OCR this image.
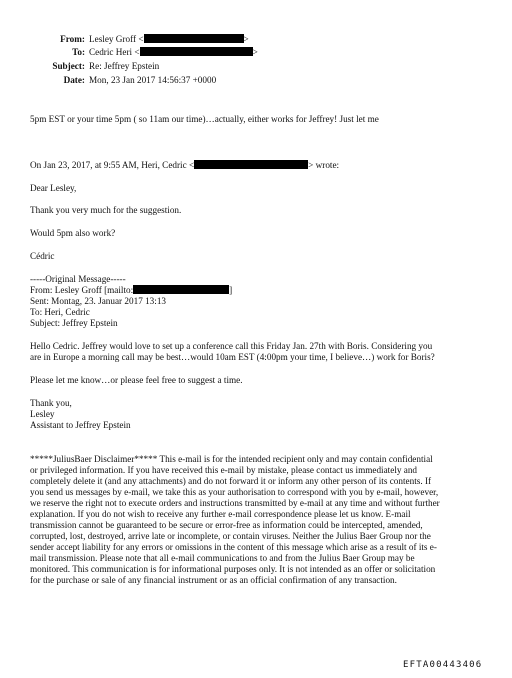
From: Lesley Groff <	>
To: Cedric Heri <	>
Subject: Re: Jeffrey Epstein
Date: Mon, 23 Jan 2017 14:56:37 +0000
5pm EST or your time 5pm ( so 11am our time)…actually, either works for Jeffrey! Just let me
On Jan 23, 2017, at 9:55 AM, Heri, Cedric <	> wrote:
Dear Lesley,
Thank you very much for the suggestion.
Would 5pm also work?
Cédric
-----Original Message-----
From: Lesley Groff [mailto:	]
Sent: Montag, 23. Januar 2017 13:13
To: Heri, Cedric
Subject: Jeffrey Epstein
Hello Cedric. Jeffrey would love to set up a conference call this Friday Jan. 27th with Boris. Considering you
are in Europe a morning call may be best…would 10am EST (4:00pm your time, I believe…) work for Boris?
Please let me know…or please feel free to suggest a time.
Thank you,
Lesley
Assistant to Jeffrey Epstein
*****JuliusBaer Disclaimer***** This e-mail is for the intended recipient only and may contain confidential
or privileged information. If you have received this e-mail by mistake, please contact us immediately and
completely delete it (and any attachments) and do not forward it or inform any other person of its contents. If
you send us messages by e-mail, we take this as your authorisation to correspond with you by e-mail, however,
we reserve the right not to execute orders and instructions transmitted by e-mail at any time and without further
explanation. If you do not wish to receive any further e-mail correspondence please let us know. E-mail
transmission cannot be guaranteed to be secure or error-free as information could be intercepted, amended,
corrupted, lost, destroyed, arrive late or incomplete, or contain viruses. Neither the Julius Baer Group nor the
sender accept liability for any errors or omissions in the content of this message which arise as a result of its e-
mail transmission. Please note that all e-mail communications to and from the Julius Baer Group may be
monitored. This communication is for informational purposes only. It is not intended as an offer or solicitation
for the purchase or sale of any financial instrument or as an official confirmation of any transaction.
EFTA00443406
